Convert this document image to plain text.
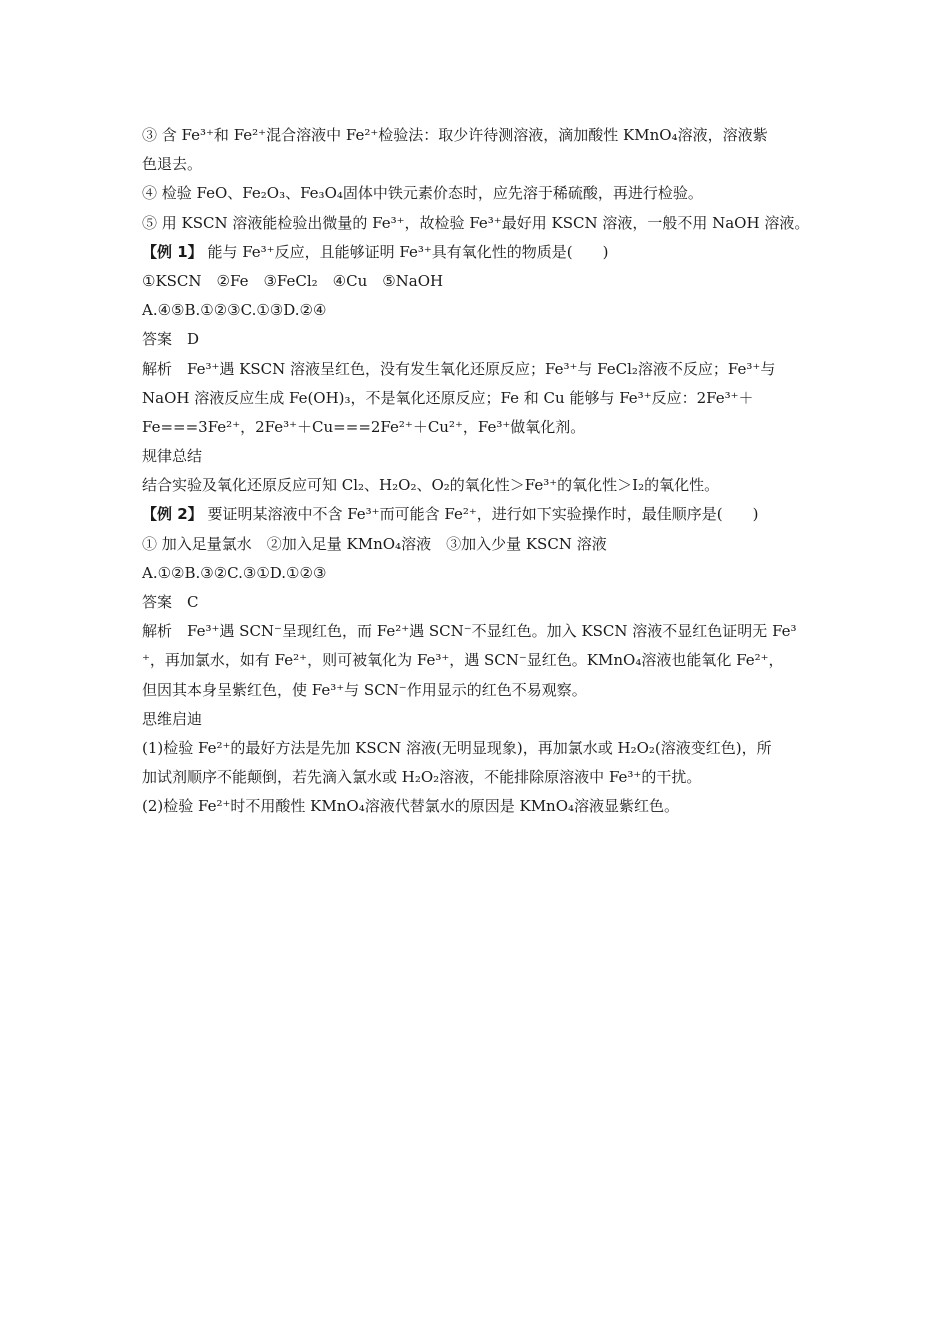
③ 含 Fe³⁺和 Fe²⁺混合溶液中 Fe²⁺检验法：取少许待测溶液，滴加酸性 KMnO₄溶液，溶液紫
色退去。
④ 检验 FeO、Fe₂O₃、Fe₃O₄固体中铁元素价态时，应先溶于稀硫酸，再进行检验。
⑤ 用 KSCN 溶液能检验出微量的 Fe³⁺，故检验 Fe³⁺最好用 KSCN 溶液，一般不用 NaOH 溶液。
【例 1】 能与 Fe³⁺反应，且能够证明 Fe³⁺具有氧化性的物质是(　　)
①KSCN　②Fe　③FeCl₂　④Cu　⑤NaOH
A.④⑤B.①②③C.①③D.②④
答案　D
解析　Fe³⁺遇 KSCN 溶液呈红色，没有发生氧化还原反应；Fe³⁺与 FeCl₂溶液不反应；Fe³⁺与
NaOH 溶液反应生成 Fe(OH)₃，不是氧化还原反应；Fe 和 Cu 能够与 Fe³⁺反应：2Fe³⁺＋
Fe===3Fe²⁺，2Fe³⁺＋Cu===2Fe²⁺＋Cu²⁺，Fe³⁺做氧化剂。
规律总结
结合实验及氧化还原反应可知 Cl₂、H₂O₂、O₂的氧化性＞Fe³⁺的氧化性＞I₂的氧化性。
【例 2】 要证明某溶液中不含 Fe³⁺而可能含 Fe²⁺，进行如下实验操作时，最佳顺序是(　　)
① 加入足量氯水　②加入足量 KMnO₄溶液　③加入少量 KSCN 溶液
A.①②B.③②C.③①D.①②③
答案　C
解析　Fe³⁺遇 SCN⁻呈现红色，而 Fe²⁺遇 SCN⁻不显红色。加入 KSCN 溶液不显红色证明无 Fe³
⁺，再加氯水，如有 Fe²⁺，则可被氧化为 Fe³⁺，遇 SCN⁻显红色。KMnO₄溶液也能氧化 Fe²⁺，
但因其本身呈紫红色，使 Fe³⁺与 SCN⁻作用显示的红色不易观察。
思维启迪
(1)检验 Fe²⁺的最好方法是先加 KSCN 溶液(无明显现象)，再加氯水或 H₂O₂(溶液变红色)，所
加试剂顺序不能颠倒，若先滴入氯水或 H₂O₂溶液，不能排除原溶液中 Fe³⁺的干扰。
(2)检验 Fe²⁺时不用酸性 KMnO₄溶液代替氯水的原因是 KMnO₄溶液显紫红色。
